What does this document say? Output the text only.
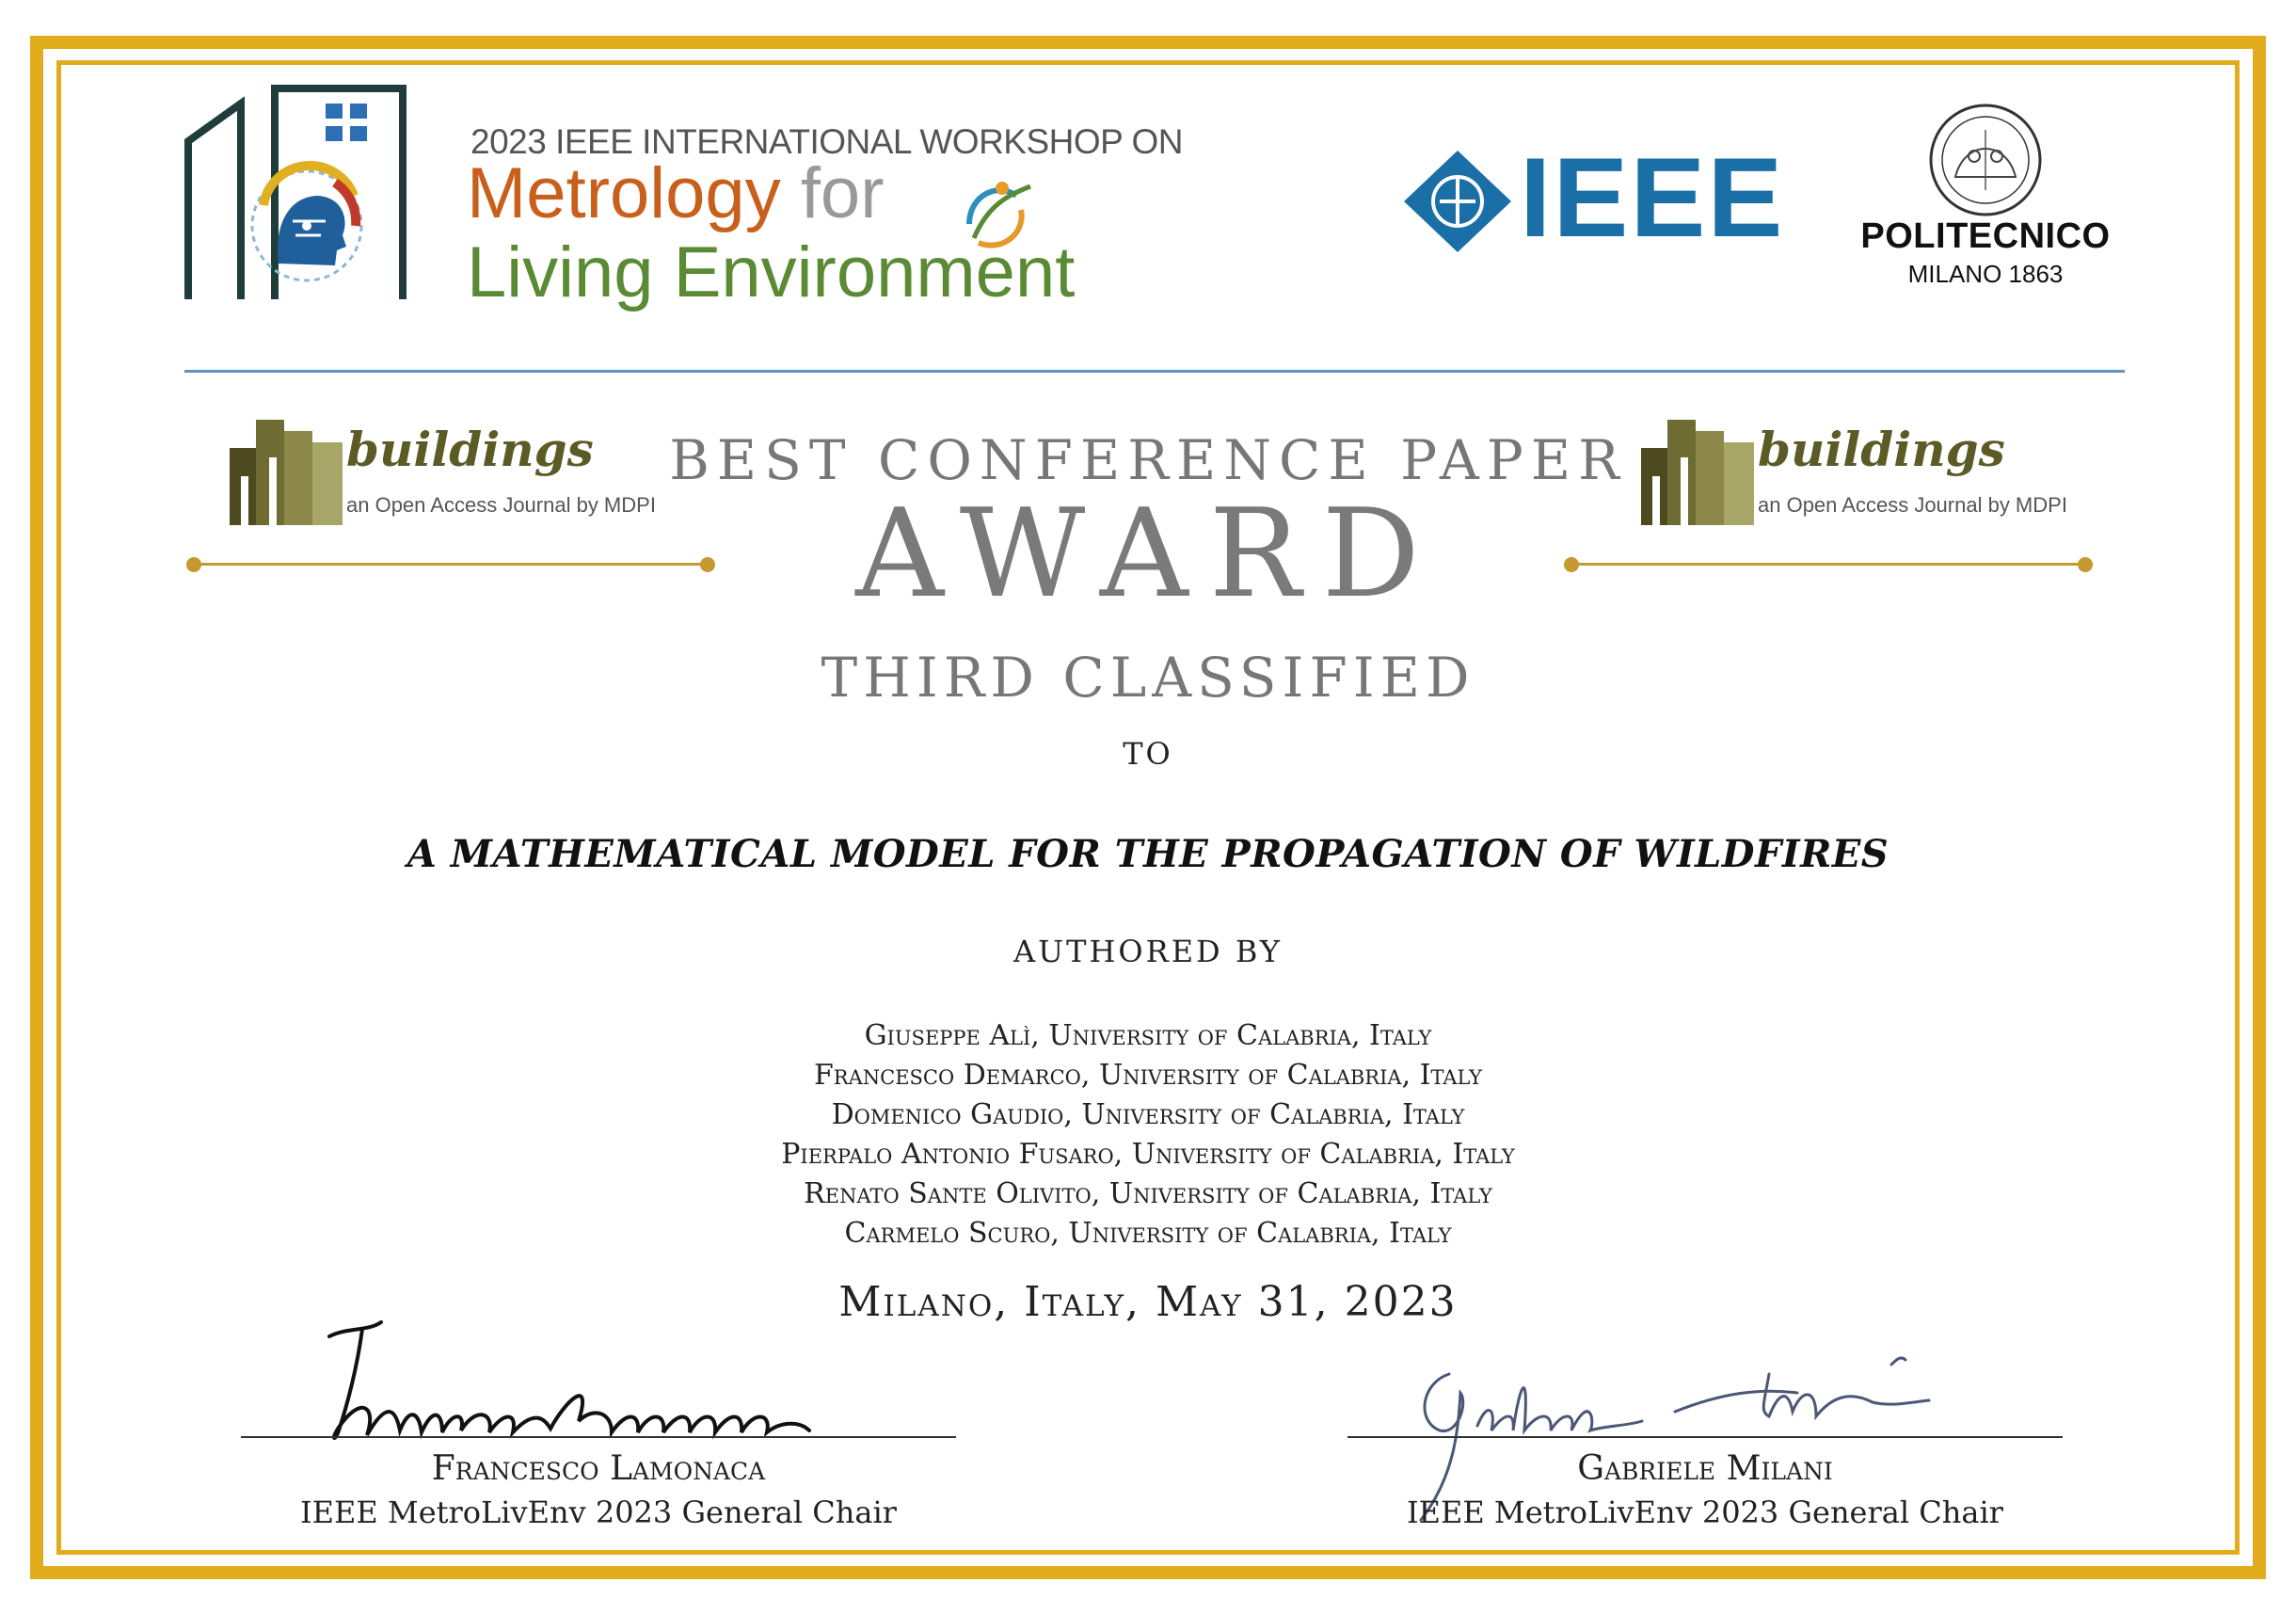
2023 IEEE INTERNATIONAL WORKSHOP ON
Metrology for
Living Environment
IEEE	POLITECNICO
MILANO 1863
buildings
an Open Access Journal by MDPI
buildings
an Open Access Journal by MDPI
BEST CONFERENCE PAPER
AWARD
THIRD CLASSIFIED
TO
A MATHEMATICAL MODEL FOR THE PROPAGATION OF WILDFIRES
AUTHORED BY
Giuseppe Alì, University of Calabria, Italy
Francesco Demarco, University of Calabria, Italy
Domenico Gaudio, University of Calabria, Italy
Pierpalo Antonio Fusaro, University of Calabria, Italy
Renato Sante Olivito, University of Calabria, Italy
Carmelo Scuro, University of Calabria, Italy
Milano, Italy, May 31, 2023
Francesco Lamonaca
IEEE MetroLivEnv 2023 General Chair
Gabriele Milani
IEEE MetroLivEnv 2023 General Chair
